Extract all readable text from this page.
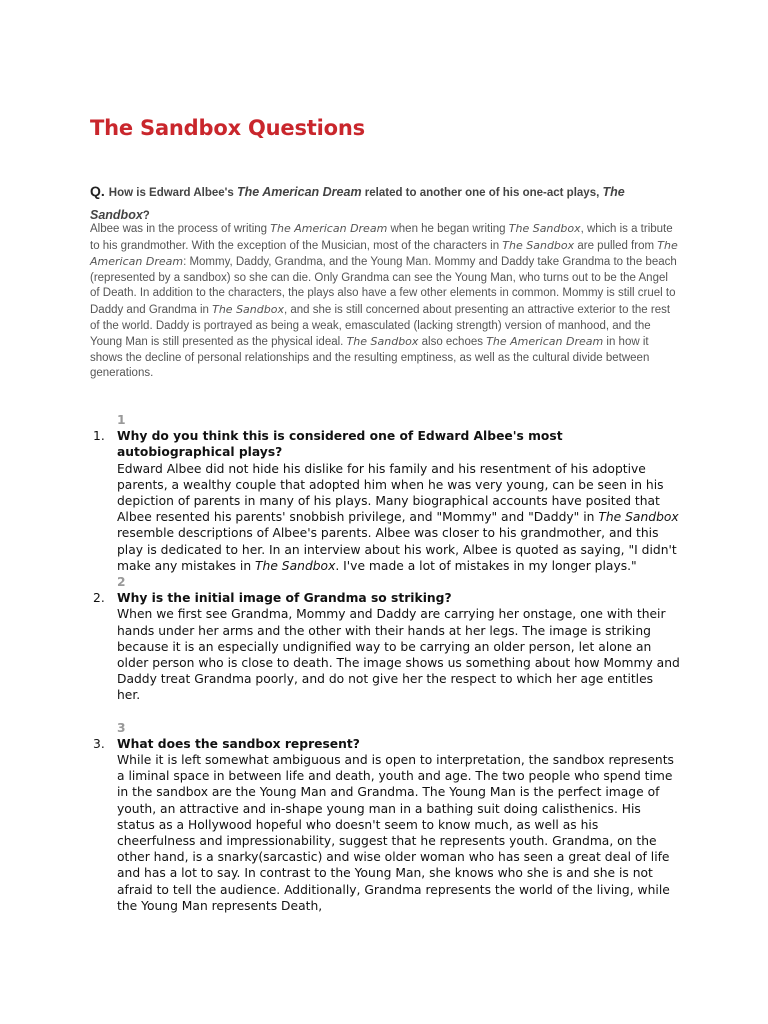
The Sandbox Questions

Q. How is Edward Albee's The American Dream related to another one of his one-act plays, The Sandbox?

Albee was in the process of writing The American Dream when he began writing The Sandbox, which is a tribute to his grandmother. With the exception of the Musician, most of the characters in The Sandbox are pulled from The American Dream: Mommy, Daddy, Grandma, and the Young Man. Mommy and Daddy take Grandma to the beach (represented by a sandbox) so she can die. Only Grandma can see the Young Man, who turns out to be the Angel of Death. In addition to the characters, the plays also have a few other elements in common. Mommy is still cruel to Daddy and Grandma in The Sandbox, and she is still concerned about presenting an attractive exterior to the rest of the world. Daddy is portrayed as being a weak, emasculated (lacking strength) version of manhood, and the Young Man is still presented as the physical ideal. The Sandbox also echoes The American Dream in how it shows the decline of personal relationships and the resulting emptiness, as well as the cultural divide between generations.

1.
1
Why do you think this is considered one of Edward Albee's most autobiographical plays?
Edward Albee did not hide his dislike for his family and his resentment of his adoptive parents, a wealthy couple that adopted him when he was very young, can be seen in his depiction of parents in many of his plays. Many biographical accounts have posited that Albee resented his parents' snobbish privilege, and "Mommy" and "Daddy" in The Sandbox resemble descriptions of Albee's parents. Albee was closer to his grandmother, and this play is dedicated to her. In an interview about his work, Albee is quoted as saying, "I didn't make any mistakes in The Sandbox. I've made a lot of mistakes in my longer plays."
2.
2
Why is the initial image of Grandma so striking?
When we first see Grandma, Mommy and Daddy are carrying her onstage, one with their hands under her arms and the other with their hands at her legs. The image is striking because it is an especially undignified way to be carrying an older person, let alone an older person who is close to death. The image shows us something about how Mommy and Daddy treat Grandma poorly, and do not give her the respect to which her age entitles her.
3.
3
What does the sandbox represent?
While it is left somewhat ambiguous and is open to interpretation, the sandbox represents a liminal space in between life and death, youth and age. The two people who spend time in the sandbox are the Young Man and Grandma. The Young Man is the perfect image of youth, an attractive and in-shape young man in a bathing suit doing calisthenics. His status as a Hollywood hopeful who doesn't seem to know much, as well as his cheerfulness and impressionability, suggest that he represents youth. Grandma, on the other hand, is a snarky(sarcastic) and wise older woman who has seen a great deal of life and has a lot to say. In contrast to the Young Man, she knows who she is and she is not afraid to tell the audience. Additionally, Grandma represents the world of the living, while the Young Man represents Death,
